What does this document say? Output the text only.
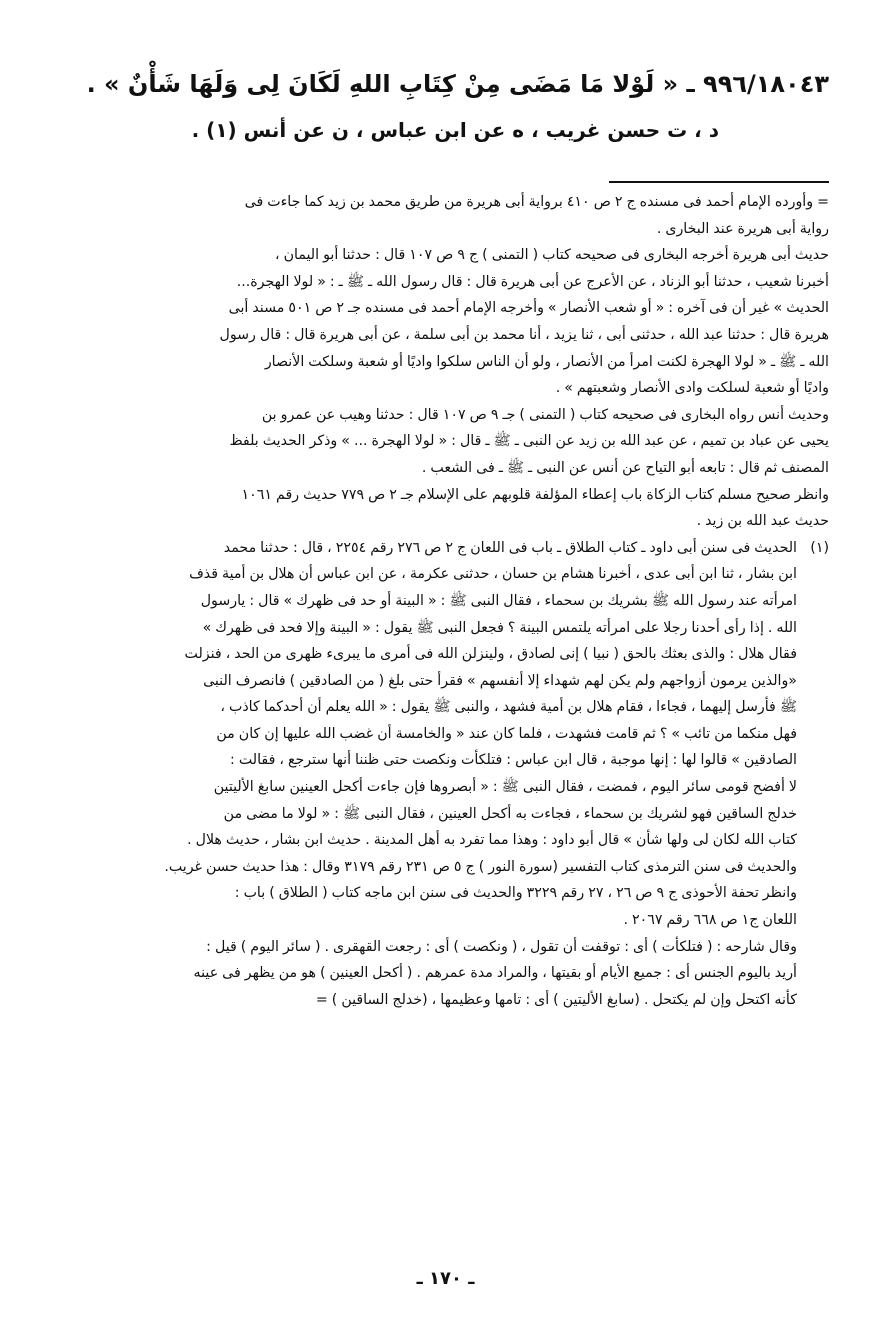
٩٩٦/١٨٠٤٣ ـ « لَوْلا مَا مَضَى مِنْ كِتَابِ اللهِ لَكَانَ لِى وَلَهَا شَأْنٌ » .

د ، ت حسن غريب ، ه عن ابن عباس ، ن عن أنس (١) .

= وأورده الإمام أحمد فى مسنده ج ٢ ص ٤١٠ برواية أبى هريرة من طريق محمد بن زيد كما جاءت فى

رواية أبى هريرة عند البخارى .

حديث أبى هريرة أخرجه البخارى فى صحيحه كتاب ( التمنى ) ج ٩ ص ١٠٧ قال : حدثنا أبو اليمان ،

أخبرنا شعيب ، حدثنا أبو الزناد ، عن الأعرج عن أبى هريرة قال : قال رسول الله ـ ﷺ ـ : « لولا الهجرة...

الحديث » غير أن فى آخره : « أو شعب الأنصار » وأخرجه الإمام أحمد فى مسنده جـ ٢ ص ٥٠١ مسند أبى

هريرة قال : حدثنا عبد الله ، حدثنى أبى ، ثنا يزيد ، أنا محمد بن أبى سلمة ، عن أبى هريرة قال : قال رسول

الله ـ ﷺ ـ « لولا الهجرة لكنت امرأ من الأنصار ، ولو أن الناس سلكوا واديًا أو شعبة وسلكت الأنصار

واديًا أو شعبة لسلكت وادى الأنصار وشعبتهم » .

وحديث أنس رواه البخارى فى صحيحه كتاب ( التمنى ) جـ ٩ ص ١٠٧ قال : حدثنا وهيب عن عمرو بن

يحيى عن عباد بن تميم ، عن عبد الله بن زيد عن النبى ـ ﷺ ـ قال : « لولا الهجرة ... » وذكر الحديث بلفظ

المصنف ثم قال : تابعه أبو التياح عن أنس عن النبى ـ ﷺ ـ فى الشعب .

وانظر صحيح مسلم كتاب الزكاة باب إعطاء المؤلفة قلوبهم على الإسلام جـ ٢ ص ٧٧٩ حديث رقم ١٠٦١

حديث عبد الله بن زيد .

(١)

الحديث فى سنن أبى داود ـ كتاب الطلاق ـ باب فى اللعان ج ٢ ص ٢٧٦ رقم ٢٢٥٤ ، قال : حدثنا محمد

ابن بشار ، ثنا ابن أبى عدى ، أخبرنا هشام بن حسان ، حدثنى عكرمة ، عن ابن عباس أن هلال بن أمية قذف

امرأته عند رسول الله ﷺ بشريك بن سحماء ، فقال النبى ﷺ : « البينة أو حد فى ظهرك » قال : يارسول

الله . إذا رأى أحدنا رجلا على امرأته يلتمس البينة ؟ فجعل النبى ﷺ يقول : « البينة وإلا فحد فى ظهرك »

فقال هلال : والذى بعثك بالحق ( نبيا ) إنى لصادق ، ولينزلن الله فى أمرى ما يبرىء ظهرى من الحد ، فنزلت

«والذين يرمون أزواجهم ولم يكن لهم شهداء إلا أنفسهم » فقرأ حتى بلغ ( من الصادقين ) فانصرف النبى

ﷺ فأرسل إليهما ، فجاءا ، فقام هلال بن أمية فشهد ، والنبى ﷺ يقول : « الله يعلم أن أحدكما كاذب ،

فهل منكما من تائب » ؟ ثم قامت فشهدت ، فلما كان عند « والخامسة أن غضب الله عليها إن كان من

الصادقين » قالوا لها : إنها موجبة ، قال ابن عباس : فتلكأت ونكصت حتى ظننا أنها سترجع ، فقالت :

لا أفضح قومى سائر اليوم ، فمضت ، فقال النبى ﷺ : « أبصروها فإن جاءت أكحل العينين سابغ الأليتين

خدلج الساقين فهو لشريك بن سحماء ، فجاءت به أكحل العينين ، فقال النبى ﷺ : « لولا ما مضى من

كتاب الله لكان لى ولها شأن » قال أبو داود : وهذا مما تفرد به أهل المدينة . حديث ابن بشار ، حديث هلال .

والحديث فى سنن الترمذى كتاب التفسير (سورة النور ) ج ٥ ص ٢٣١ رقم ٣١٧٩ وقال : هذا حديث حسن غريب.

وانظر تحفة الأحوذى ج ٩ ص ٢٦ ، ٢٧ رقم ٣٢٢٩ والحديث فى سنن ابن ماجه كتاب ( الطلاق ) باب :

اللعان ج١ ص ٦٦٨ رقم ٢٠٦٧ .

وقال شارحه : ( فتلكأت ) أى : توقفت أن تقول ، ( ونكصت ) أى : رجعت القهقرى . ( سائر اليوم ) قيل :

أريد باليوم الجنس أى : جميع الأيام أو بقيتها ، والمراد مدة عمرهم . ( أكحل العينين ) هو من يظهر فى عينه

كأنه اكتحل وإن لم يكتحل . (سابغ الأليتين ) أى : تامها وعظيمها ، (خدلج الساقين ) =

ـ ١٧٠ ـ
